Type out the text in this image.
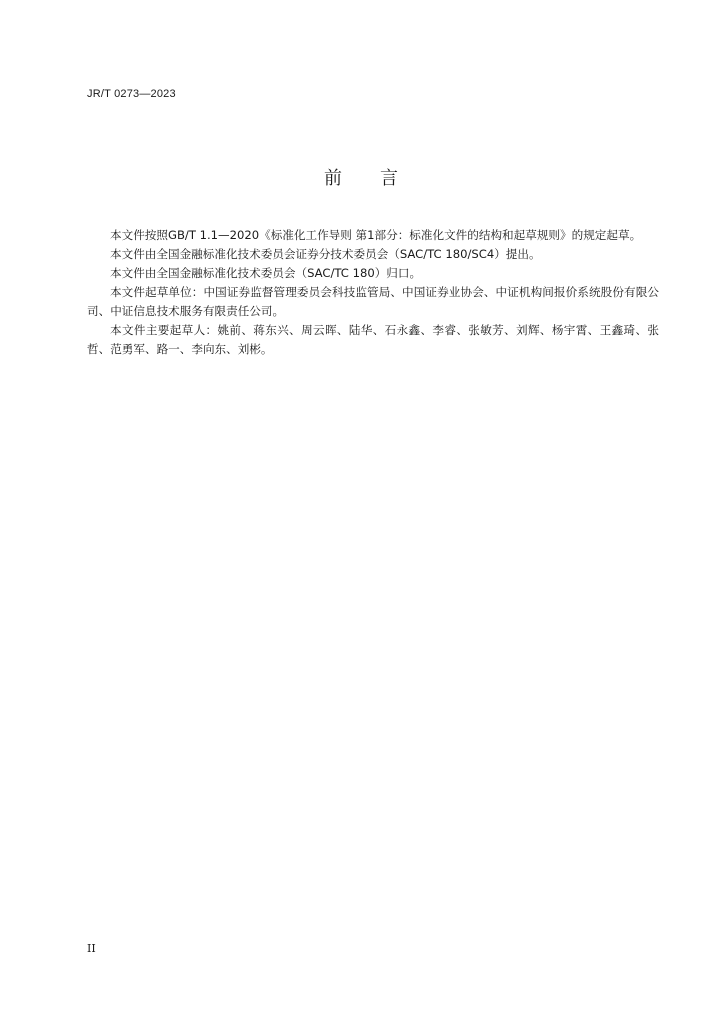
JR/T 0273—2023
前 言

本文件按照GB/T 1.1—2020《标准化工作导则 第1部分：标准化文件的结构和起草规则》的规定起草。

本文件由全国金融标准化技术委员会证券分技术委员会（SAC/TC 180/SC4）提出。

本文件由全国金融标准化技术委员会（SAC/TC 180）归口。

本文件起草单位：中国证券监督管理委员会科技监管局、中国证券业协会、中证机构间报价系统股份有限公司、中证信息技术服务有限责任公司。

本文件主要起草人：姚前、蒋东兴、周云晖、陆华、石永鑫、李睿、张敏芳、刘辉、杨宇霄、王鑫琦、张哲、范勇军、路一、李向东、刘彬。

II
